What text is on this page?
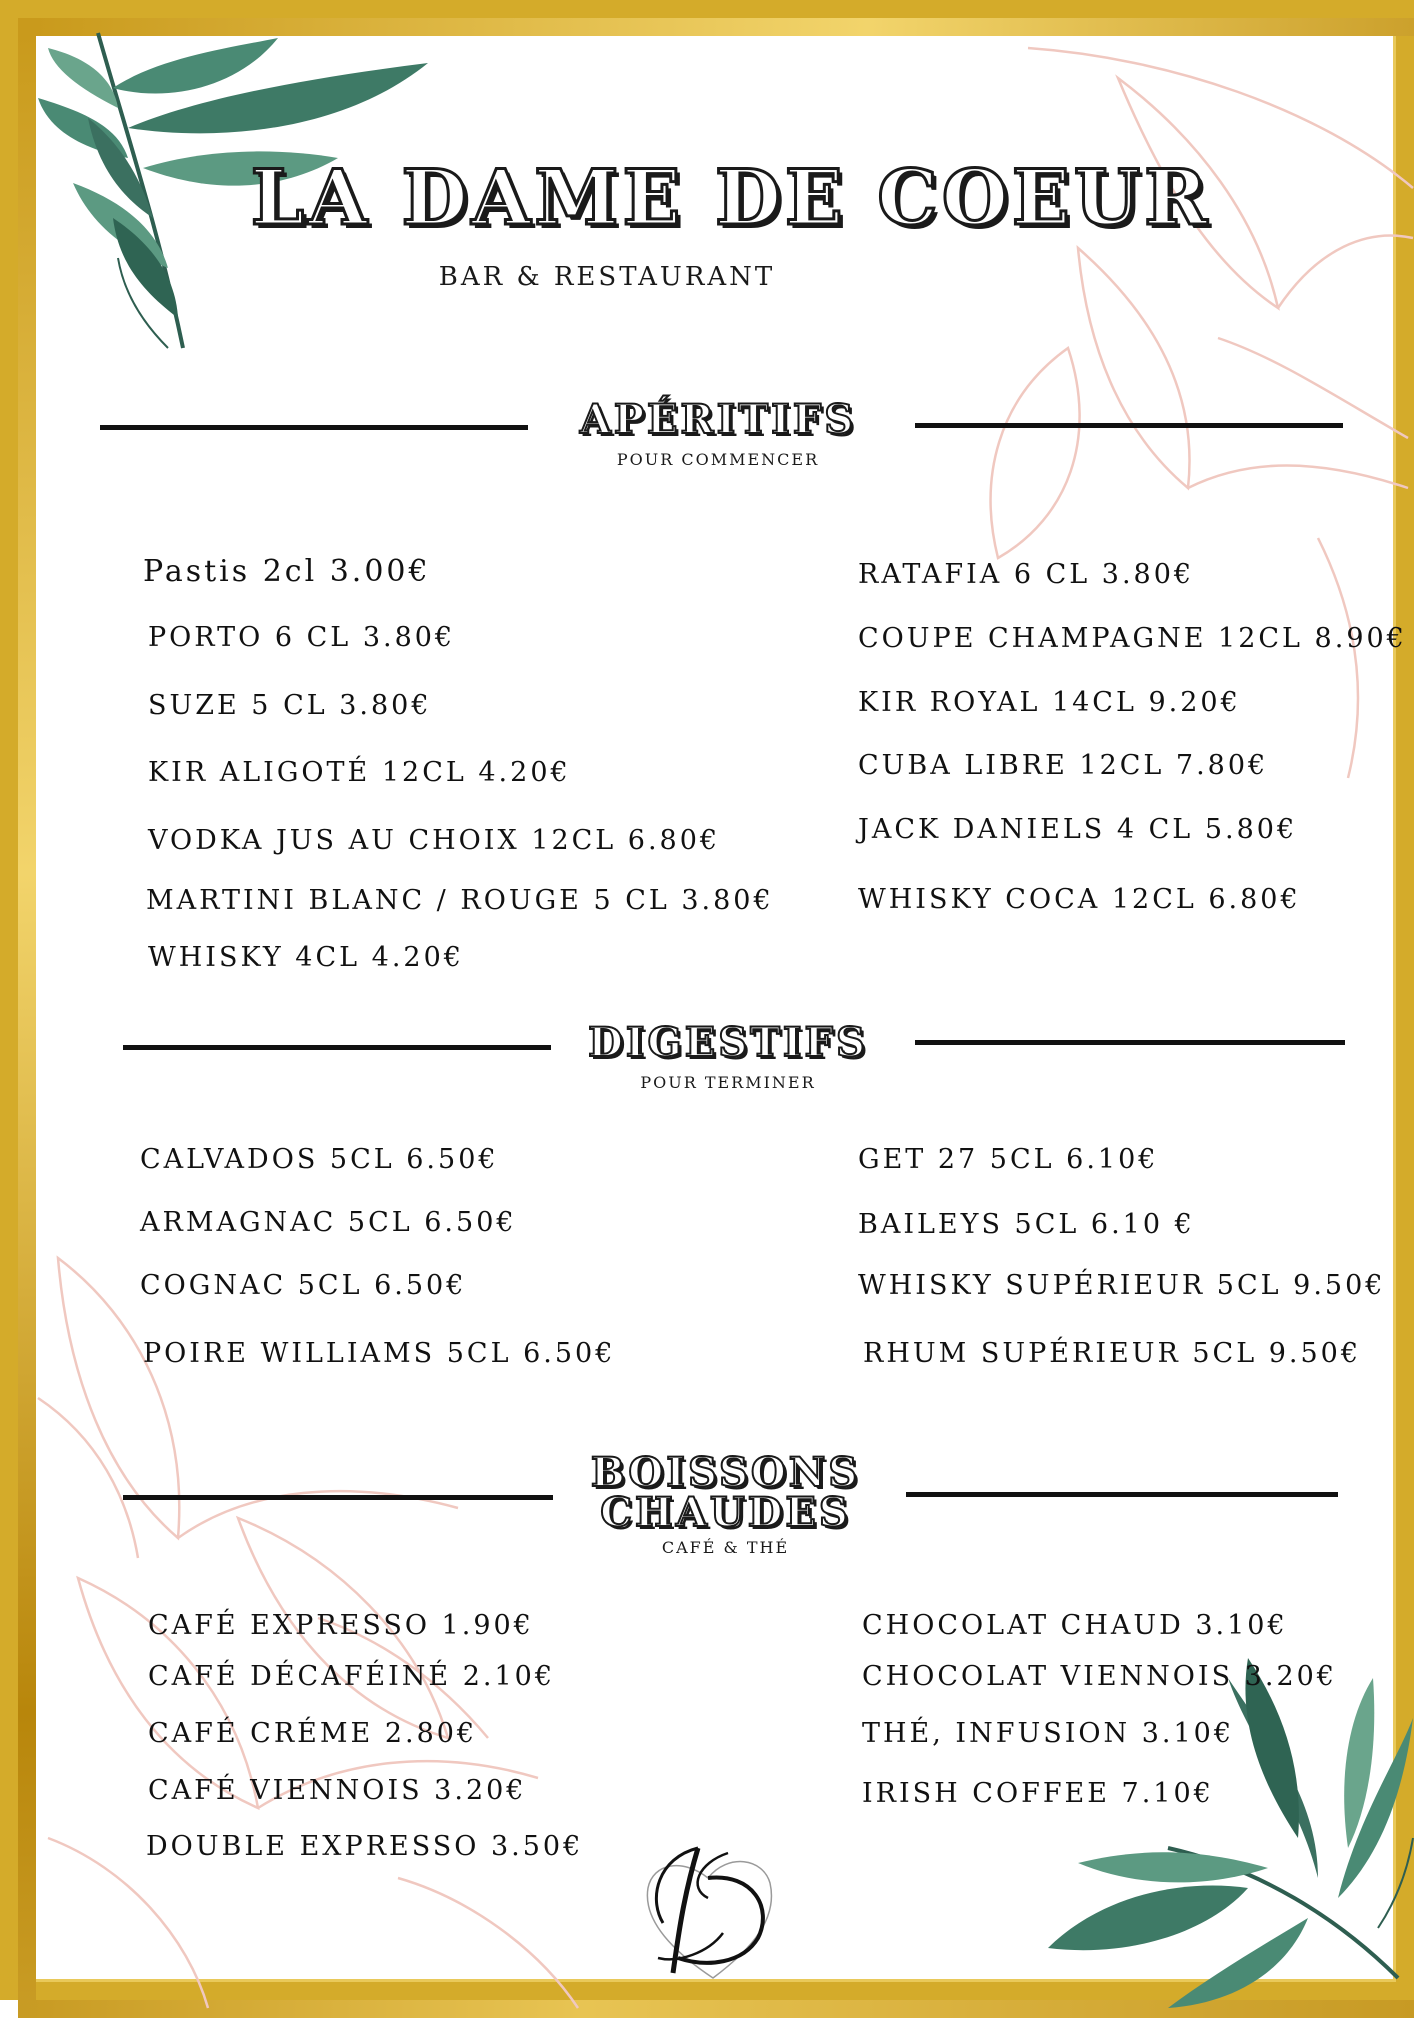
LA DAME DE COEUR
BAR & RESTAURANT
APÉRITIFS
POUR COMMENCER
Pastis 2cl 3.00€
PORTO 6 CL 3.80€
SUZE 5 CL 3.80€
KIR ALIGOTÉ 12CL 4.20€
VODKA JUS AU CHOIX 12CL 6.80€
MARTINI BLANC / ROUGE 5 CL 3.80€
WHISKY 4CL 4.20€
RATAFIA 6 CL 3.80€
COUPE CHAMPAGNE 12CL 8.90€
KIR ROYAL 14CL 9.20€
CUBA LIBRE 12CL 7.80€
JACK DANIELS 4 CL 5.80€
WHISKY COCA 12CL 6.80€
DIGESTIFS
POUR TERMINER
CALVADOS 5CL 6.50€
ARMAGNAC 5CL 6.50€
COGNAC 5CL 6.50€
POIRE WILLIAMS 5CL 6.50€
GET 27 5CL 6.10€
BAILEYS 5CL 6.10 €
WHISKY SUPÉRIEUR 5CL 9.50€
RHUM SUPÉRIEUR 5CL 9.50€
BOISSONS
CHAUDES
CAFÉ & THÉ
CAFÉ EXPRESSO 1.90€
CAFÉ DÉCAFÉINÉ 2.10€
CAFÉ CRÉME 2.80€
CAFÉ VIENNOIS 3.20€
DOUBLE EXPRESSO 3.50€
CHOCOLAT CHAUD 3.10€
CHOCOLAT VIENNOIS 3.20€
THÉ, INFUSION 3.10€
IRISH COFFEE 7.10€
